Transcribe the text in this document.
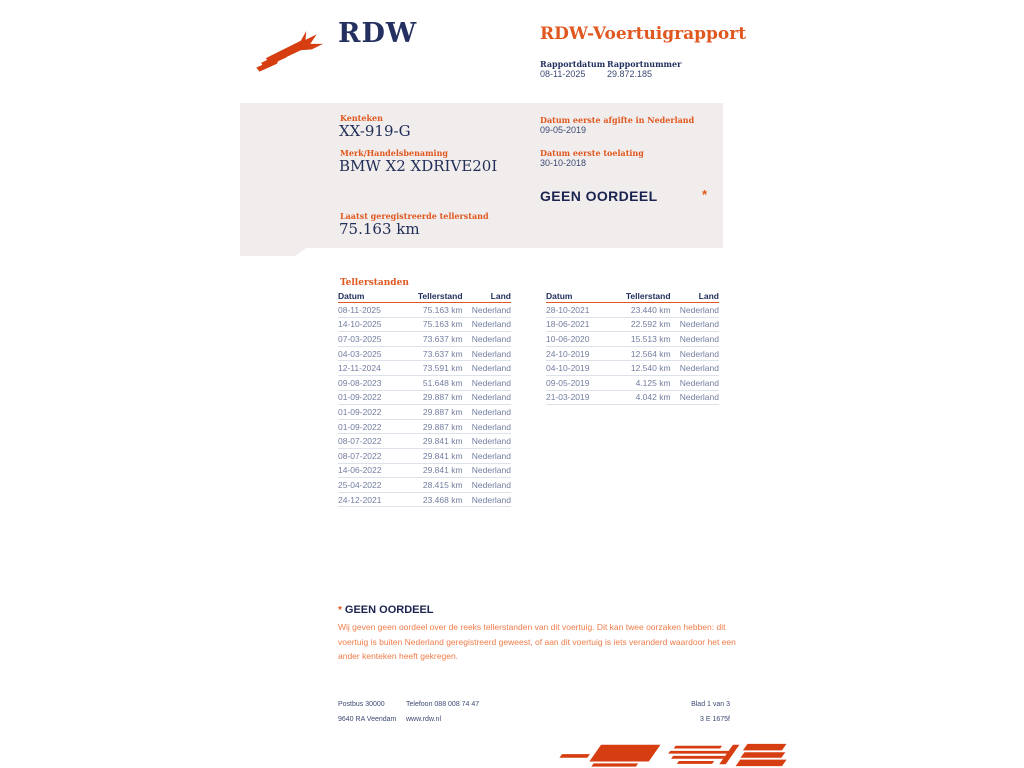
RDW	RDW-Voertuigrapport
Rapportdatum Rapportnummer
08-11-2025 29.872.185
Kenteken
XX-919-G
Merk/Handelsbenaming
BMW X2 XDRIVE20I
Laatst geregistreerde tellerstand
75.163 km
Datum eerste afgifte in Nederland
09-05-2019
Datum eerste toelating
30-10-2018
GEEN OORDEEL	*
Tellerstanden
Datum	Tellerstand	Land
08-11-2025	75.163 km	Nederland
14-10-2025	75.163 km	Nederland
07-03-2025	73.637 km	Nederland
04-03-2025	73.637 km	Nederland
12-11-2024	73.591 km	Nederland
09-08-2023	51.648 km	Nederland
01-09-2022	29.887 km	Nederland
01-09-2022	29.887 km	Nederland
01-09-2022	29.887 km	Nederland
08-07-2022	29.841 km	Nederland
08-07-2022	29.841 km	Nederland
14-06-2022	29.841 km	Nederland
25-04-2022	28.415 km	Nederland
24-12-2021	23.468 km	Nederland
Datum	Tellerstand	Land
28-10-2021	23.440 km	Nederland
18-06-2021	22.592 km	Nederland
10-06-2020	15.513 km	Nederland
24-10-2019	12.564 km	Nederland
04-10-2019	12.540 km	Nederland
09-05-2019	4.125 km	Nederland
21-03-2019	4.042 km	Nederland
* GEEN OORDEEL
Wij geven geen oordeel over de reeks tellerstanden van dit voertuig. Dit kan twee oorzaken hebben: dit voertuig is buiten Nederland geregistreerd geweest, of aan dit voertuig is iets veranderd waardoor het een ander kenteken heeft gekregen.
Postbus 30000
9640 RA Veendam
Telefoon 088 008 74 47
www.rdw.nl
Blad 1 van 3
3 E 1675f
